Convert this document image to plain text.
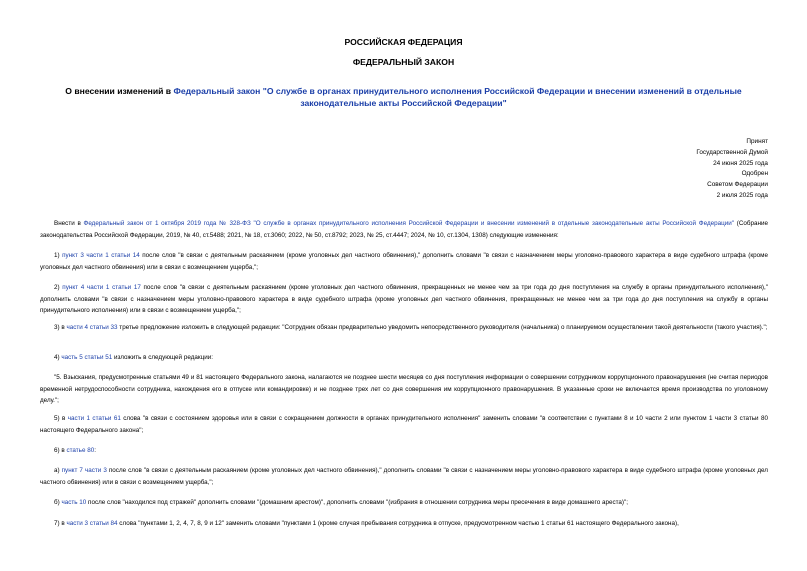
РОССИЙСКАЯ ФЕДЕРАЦИЯ
ФЕДЕРАЛЬНЫЙ ЗАКОН
О внесении изменений в Федеральный закон "О службе в органах принудительного исполнения Российской Федерации и внесении изменений в отдельные законодательные акты Российской Федерации"
Принят
Государственной Думой
24 июня 2025 года
Одобрен
Советом Федерации
2 июля 2025 года
Внести в Федеральный закон от 1 октября 2019 года № 328-ФЗ "О службе в органах принудительного исполнения Российской Федерации и внесении изменений в отдельные законодательные акты Российской Федерации" (Собрание законодательства Российской Федерации, 2019, № 40, ст.5488; 2021, № 18, ст.3060; 2022, № 50, ст.8792; 2023, № 25, ст.4447; 2024, № 10, ст.1304, 1308) следующие изменения:
1) пункт 3 части 1 статьи 14 после слов "в связи с деятельным раскаянием (кроме уголовных дел частного обвинения)," дополнить словами "в связи с назначением меры уголовно-правового характера в виде судебного штрафа (кроме уголовных дел частного обвинения) или в связи с возмещением ущерба,";
2) пункт 4 части 1 статьи 17 после слов "в связи с деятельным раскаянием (кроме уголовных дел частного обвинения, прекращенных не менее чем за три года до дня поступления на службу в органы принудительного исполнения)," дополнить словами "в связи с назначением меры уголовно-правового характера в виде судебного штрафа (кроме уголовных дел частного обвинения, прекращенных не менее чем за три года до дня поступления на службу в органы принудительного исполнения) или в связи с возмещением ущерба,";
3) в части 4 статьи 33 третье предложение изложить в следующей редакции: "Сотрудник обязан предварительно уведомить непосредственного руководителя (начальника) о планируемом осуществлении такой деятельности (такого участия).";
4) часть 5 статьи 51 изложить в следующей редакции:
"5. Взыскания, предусмотренные статьями 49 и 81 настоящего Федерального закона, налагаются не позднее шести месяцев со дня поступления информации о совершении сотрудником коррупционного правонарушения (не считая периодов временной нетрудоспособности сотрудника, нахождения его в отпуске или командировке) и не позднее трех лет со дня совершения им коррупционного правонарушения. В указанные сроки не включается время производства по уголовному делу.";
5) в части 1 статьи 61 слова "в связи с состоянием здоровья или в связи с сокращением должности в органах принудительного исполнения" заменить словами "в соответствии с пунктами 8 и 10 части 2 или пунктом 1 части 3 статьи 80 настоящего Федерального закона";
6) в статье 80:
а) пункт 7 части 3 после слов "в связи с деятельным раскаянием (кроме уголовных дел частного обвинения)," дополнить словами "в связи с назначением меры уголовно-правового характера в виде судебного штрафа (кроме уголовных дел частного обвинения) или в связи с возмещением ущерба,";
б) часть 10 после слов "находился под стражей" дополнить словами "(домашним арестом)", дополнить словами "(избрания в отношении сотрудника меры пресечения в виде домашнего ареста)";
7) в части 3 статьи 84 слова "пунктами 1, 2, 4, 7, 8, 9 и 12" заменить словами "пунктами 1 (кроме случая пребывания сотрудника в отпуске, предусмотренном частью 1 статьи 61 настоящего Федерального закона),
